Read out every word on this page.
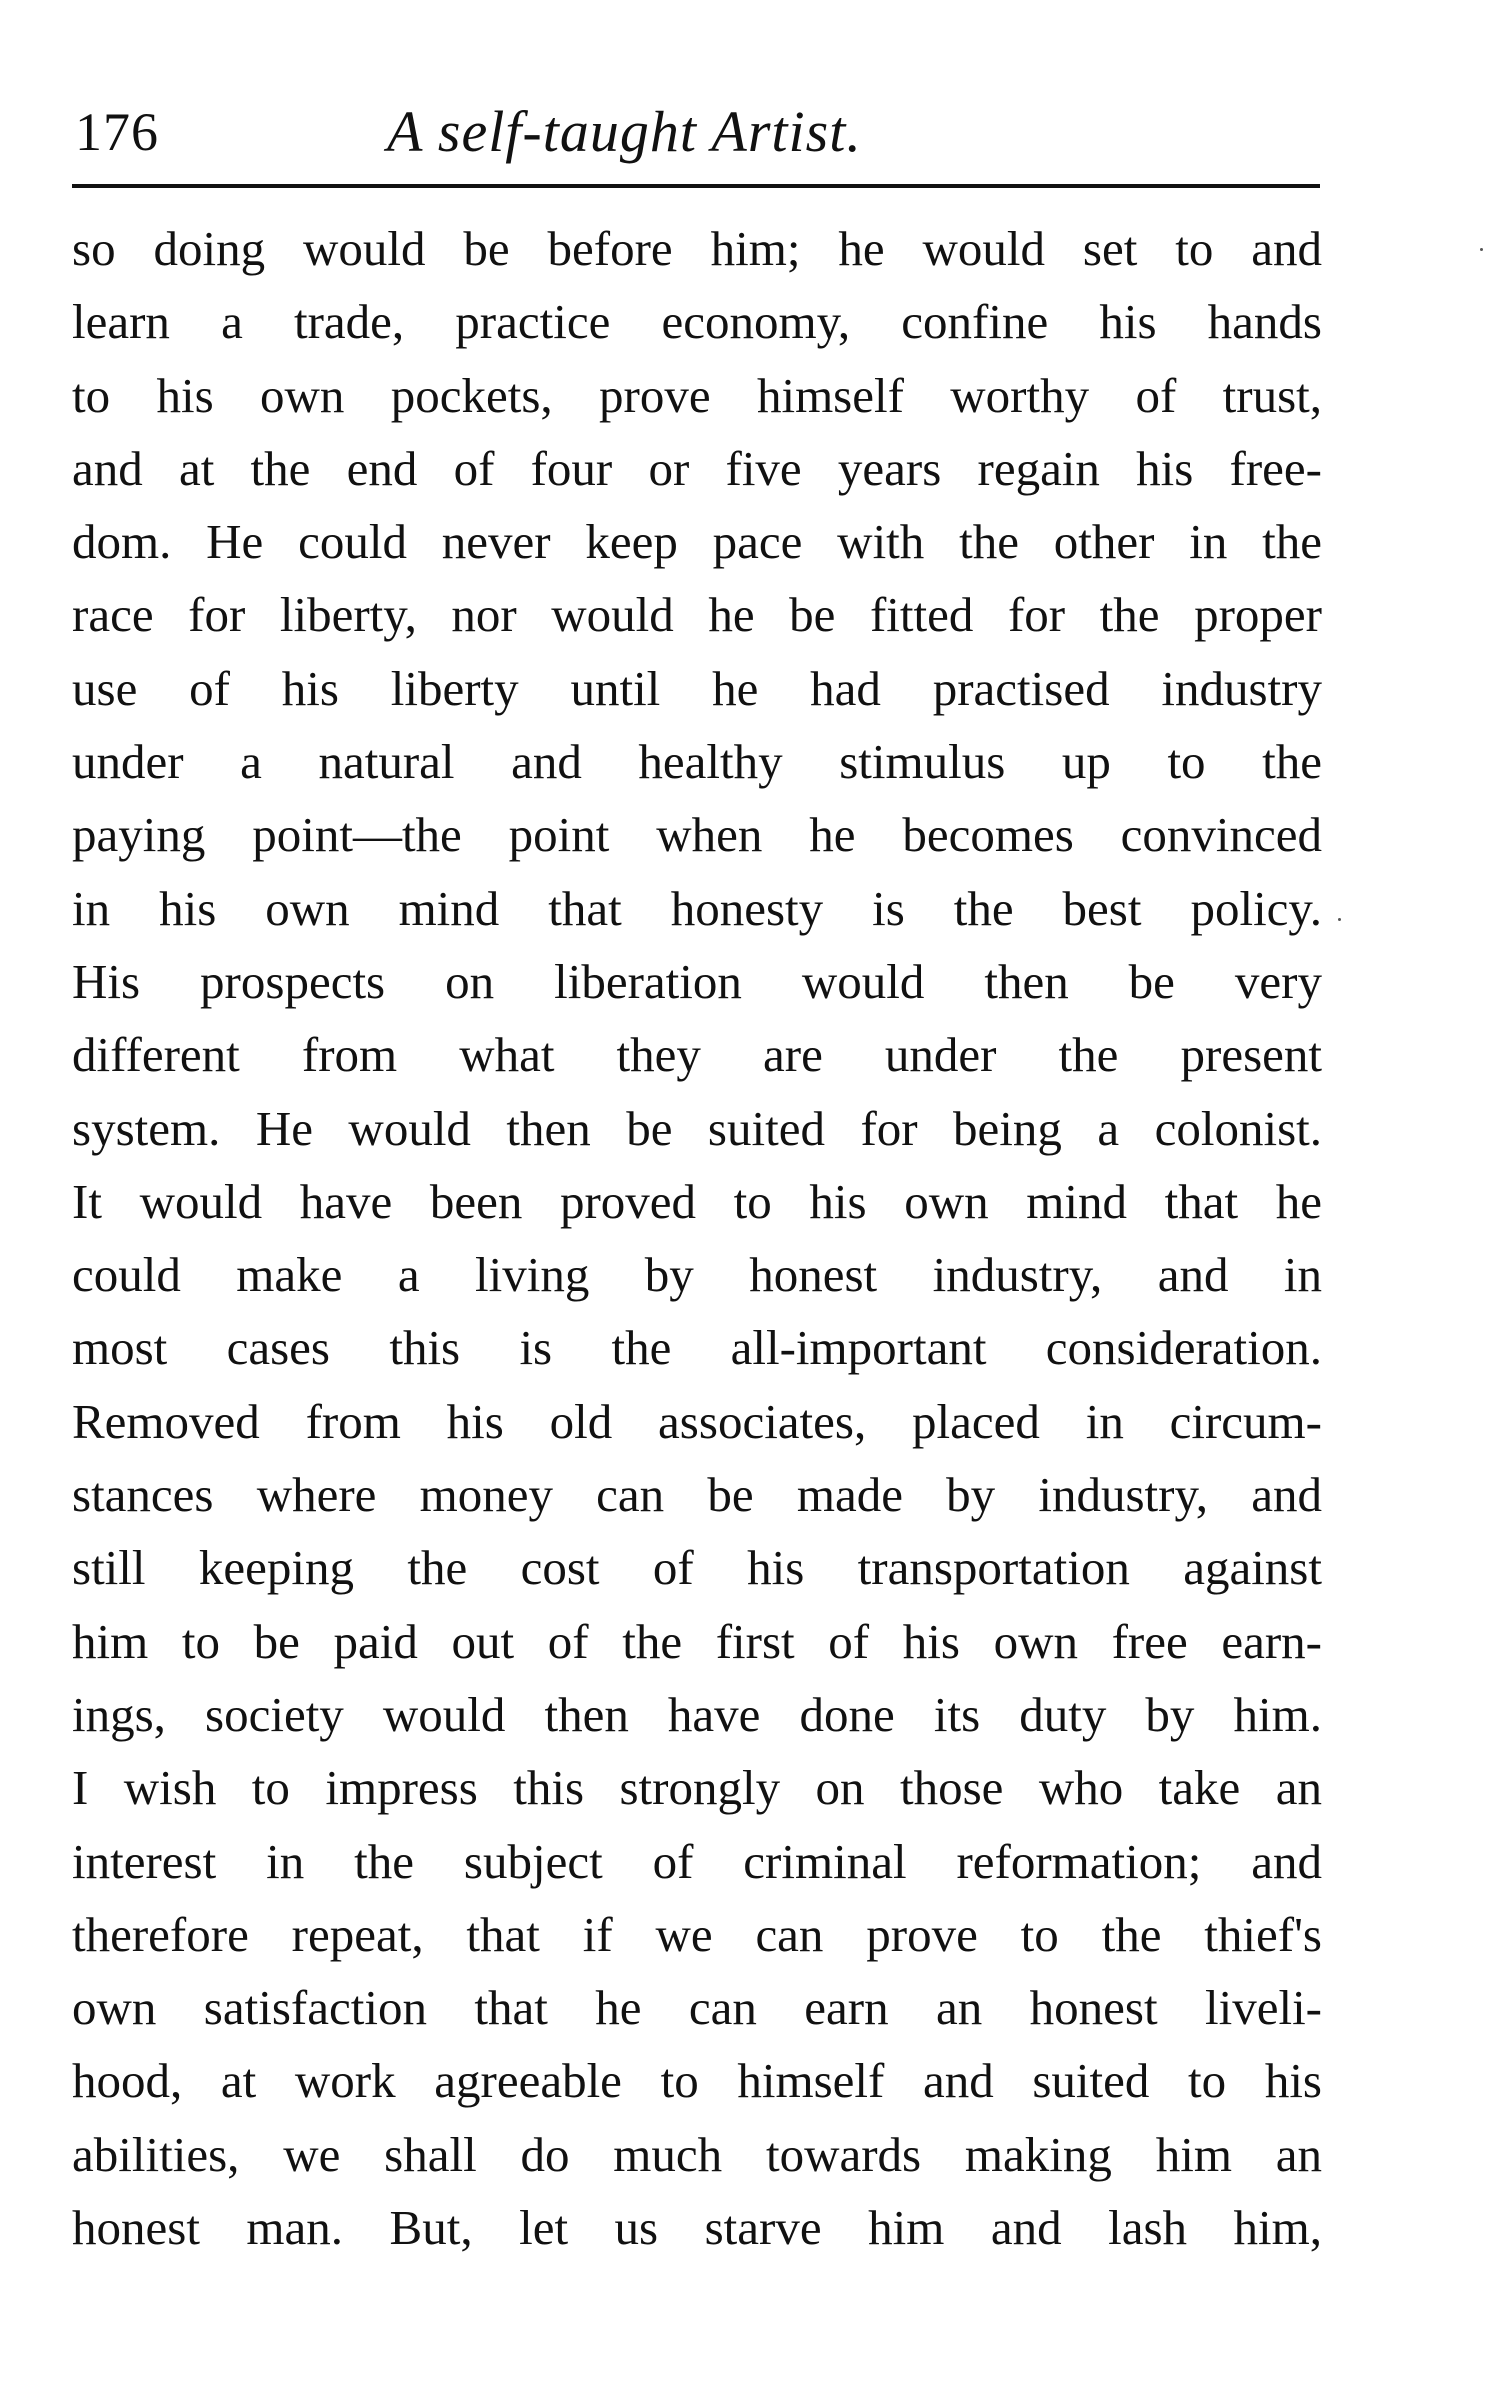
176	A self-taught Artist.
so doing would be before him; he would set to and
learn a trade, practice economy, confine his hands
to his own pockets, prove himself worthy of trust,
and at the end of four or five years regain his free-
dom. He could never keep pace with the other in the
race for liberty, nor would he be fitted for the proper
use of his liberty until he had practised industry
under a natural and healthy stimulus up to the
paying point—the point when he becomes convinced
in his own mind that honesty is the best policy.
His prospects on liberation would then be very
different from what they are under the present
system. He would then be suited for being a colonist.
It would have been proved to his own mind that he
could make a living by honest industry, and in
most cases this is the all-important consideration.
Removed from his old associates, placed in circum-
stances where money can be made by industry, and
still keeping the cost of his transportation against
him to be paid out of the first of his own free earn-
ings, society would then have done its duty by him.
I wish to impress this strongly on those who take an
interest in the subject of criminal reformation; and
therefore repeat, that if we can prove to the thief's
own satisfaction that he can earn an honest livеli-
hood, at work agreeable to himself and suited to his
abilities, we shall do much towards making him an
honest man. But, let us starve him and lash him,
